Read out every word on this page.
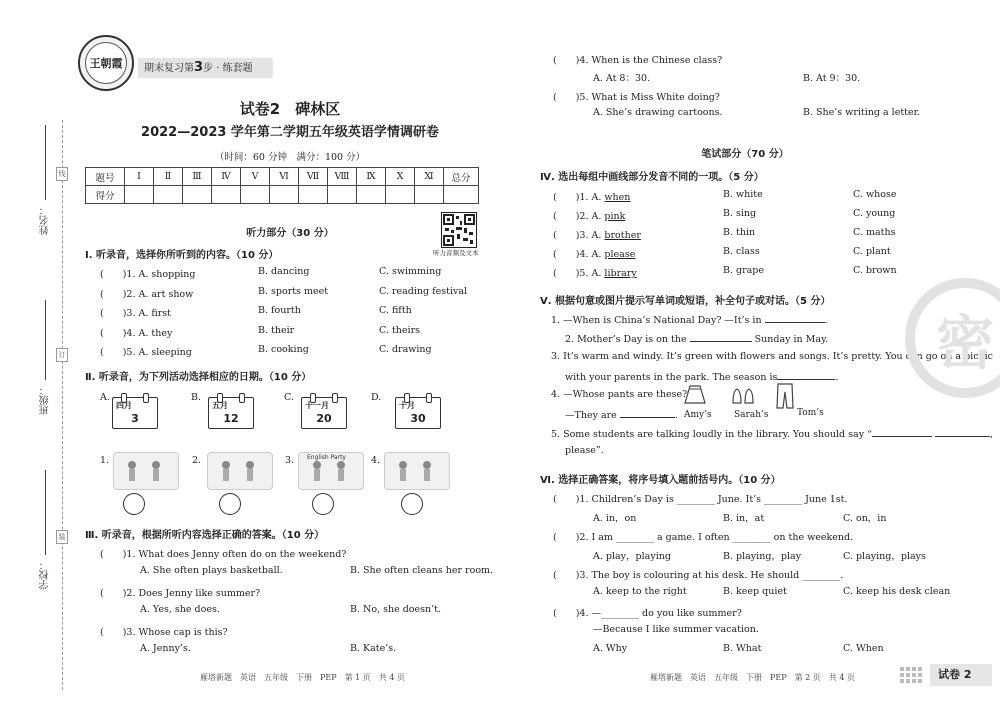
线
订
装
姓名：
班级：
学校：
王朝霞	期末复习第3步 · 练套题
试卷2　碑林区
2022—2023 学年第二学期五年级英语学情调研卷
（时间：60 分钟　满分：100 分）
题号	Ⅰ	Ⅱ	Ⅲ	Ⅳ	Ⅴ	Ⅵ	Ⅶ	Ⅷ	Ⅸ	Ⅹ	Ⅺ	总分
得分												
听力部分（30 分）
听力音频及文本
Ⅰ. 听录音，选择你所听到的内容。（10 分）
(　　)1. A. shopping	B. dancing	C. swimming
(　　)2. A. art show	B. sports meet	C. reading festival
(　　)3. A. first	B. fourth	C. fifth
(　　)4. A. they	B. their	C. theirs
(　　)5. A. sleeping	B. cooking	C. drawing
Ⅱ. 听录音，为下列活动选择相应的日期。（10 分）
A.
四月
3
B.
五月
12
C.
十一月
20
D.
十月
30
1.	2.	3. English Party	4.
Ⅲ. 听录音，根据所听内容选择正确的答案。（10 分）
(　　)1. What does Jenny often do on the weekend?
A. She often plays basketball.	B. She often cleans her room.
(　　)2. Does Jenny like summer?
A. Yes, she does.	B. No, she doesn’t.
(　　)3. Whose cap is this?
A. Jenny’s.	B. Kate’s.
雁塔新题　英语　五年级　下册　PEP　第 1 页　共 4 页
(　　)4. When is the Chinese class?
A. At 8：30.	B. At 9：30.
(　　)5. What is Miss White doing?
A. She’s drawing cartoons.	B. She’s writing a letter.
笔试部分（70 分）
Ⅳ. 选出每组中画线部分发音不同的一项。（5 分）
(　　)1. A. when	B. white	C. whose
(　　)2. A. pink	B. sing	C. young
(　　)3. A. brother	B. thin	C. maths
(　　)4. A. please	B. class	C. plant
(　　)5. A. library	B. grape	C. brown
Ⅴ. 根据句意或图片提示写单词或短语，补全句子或对话。（5 分）
1. —When is China’s National Day? —It’s in	.
2. Mother’s Day is on the	Sunday in May.
3. It’s warm and windy. It’s green with flowers and songs. It’s pretty. You can go on a picnic
with your parents in the park. The season is	.
4. —Whose pants are these?
—They are	. Amy’s Sarah’s	Tom’s
5. Some students are talking loudly in the library. You should say “	,
please”.
Ⅵ. 选择正确答案，将序号填入题前括号内。（10 分）
(　　)1. Children’s Day is ________ June. It’s ________ June 1st.
A. in，on	B. in，at	C. on，in
(　　)2. I am ________ a game. I often ________ on the weekend.
A. play，playing	B. playing，play	C. playing，plays
(　　)3. The boy is colouring at his desk. He should ________.
A. keep to the right	B. keep quiet	C. keep his desk clean
(　　)4. —________ do you like summer?
—Because I like summer vacation.
A. Why	B. What	C. When
密
雁塔新题　英语　五年级　下册　PEP　第 2 页　共 4 页	试卷 2
